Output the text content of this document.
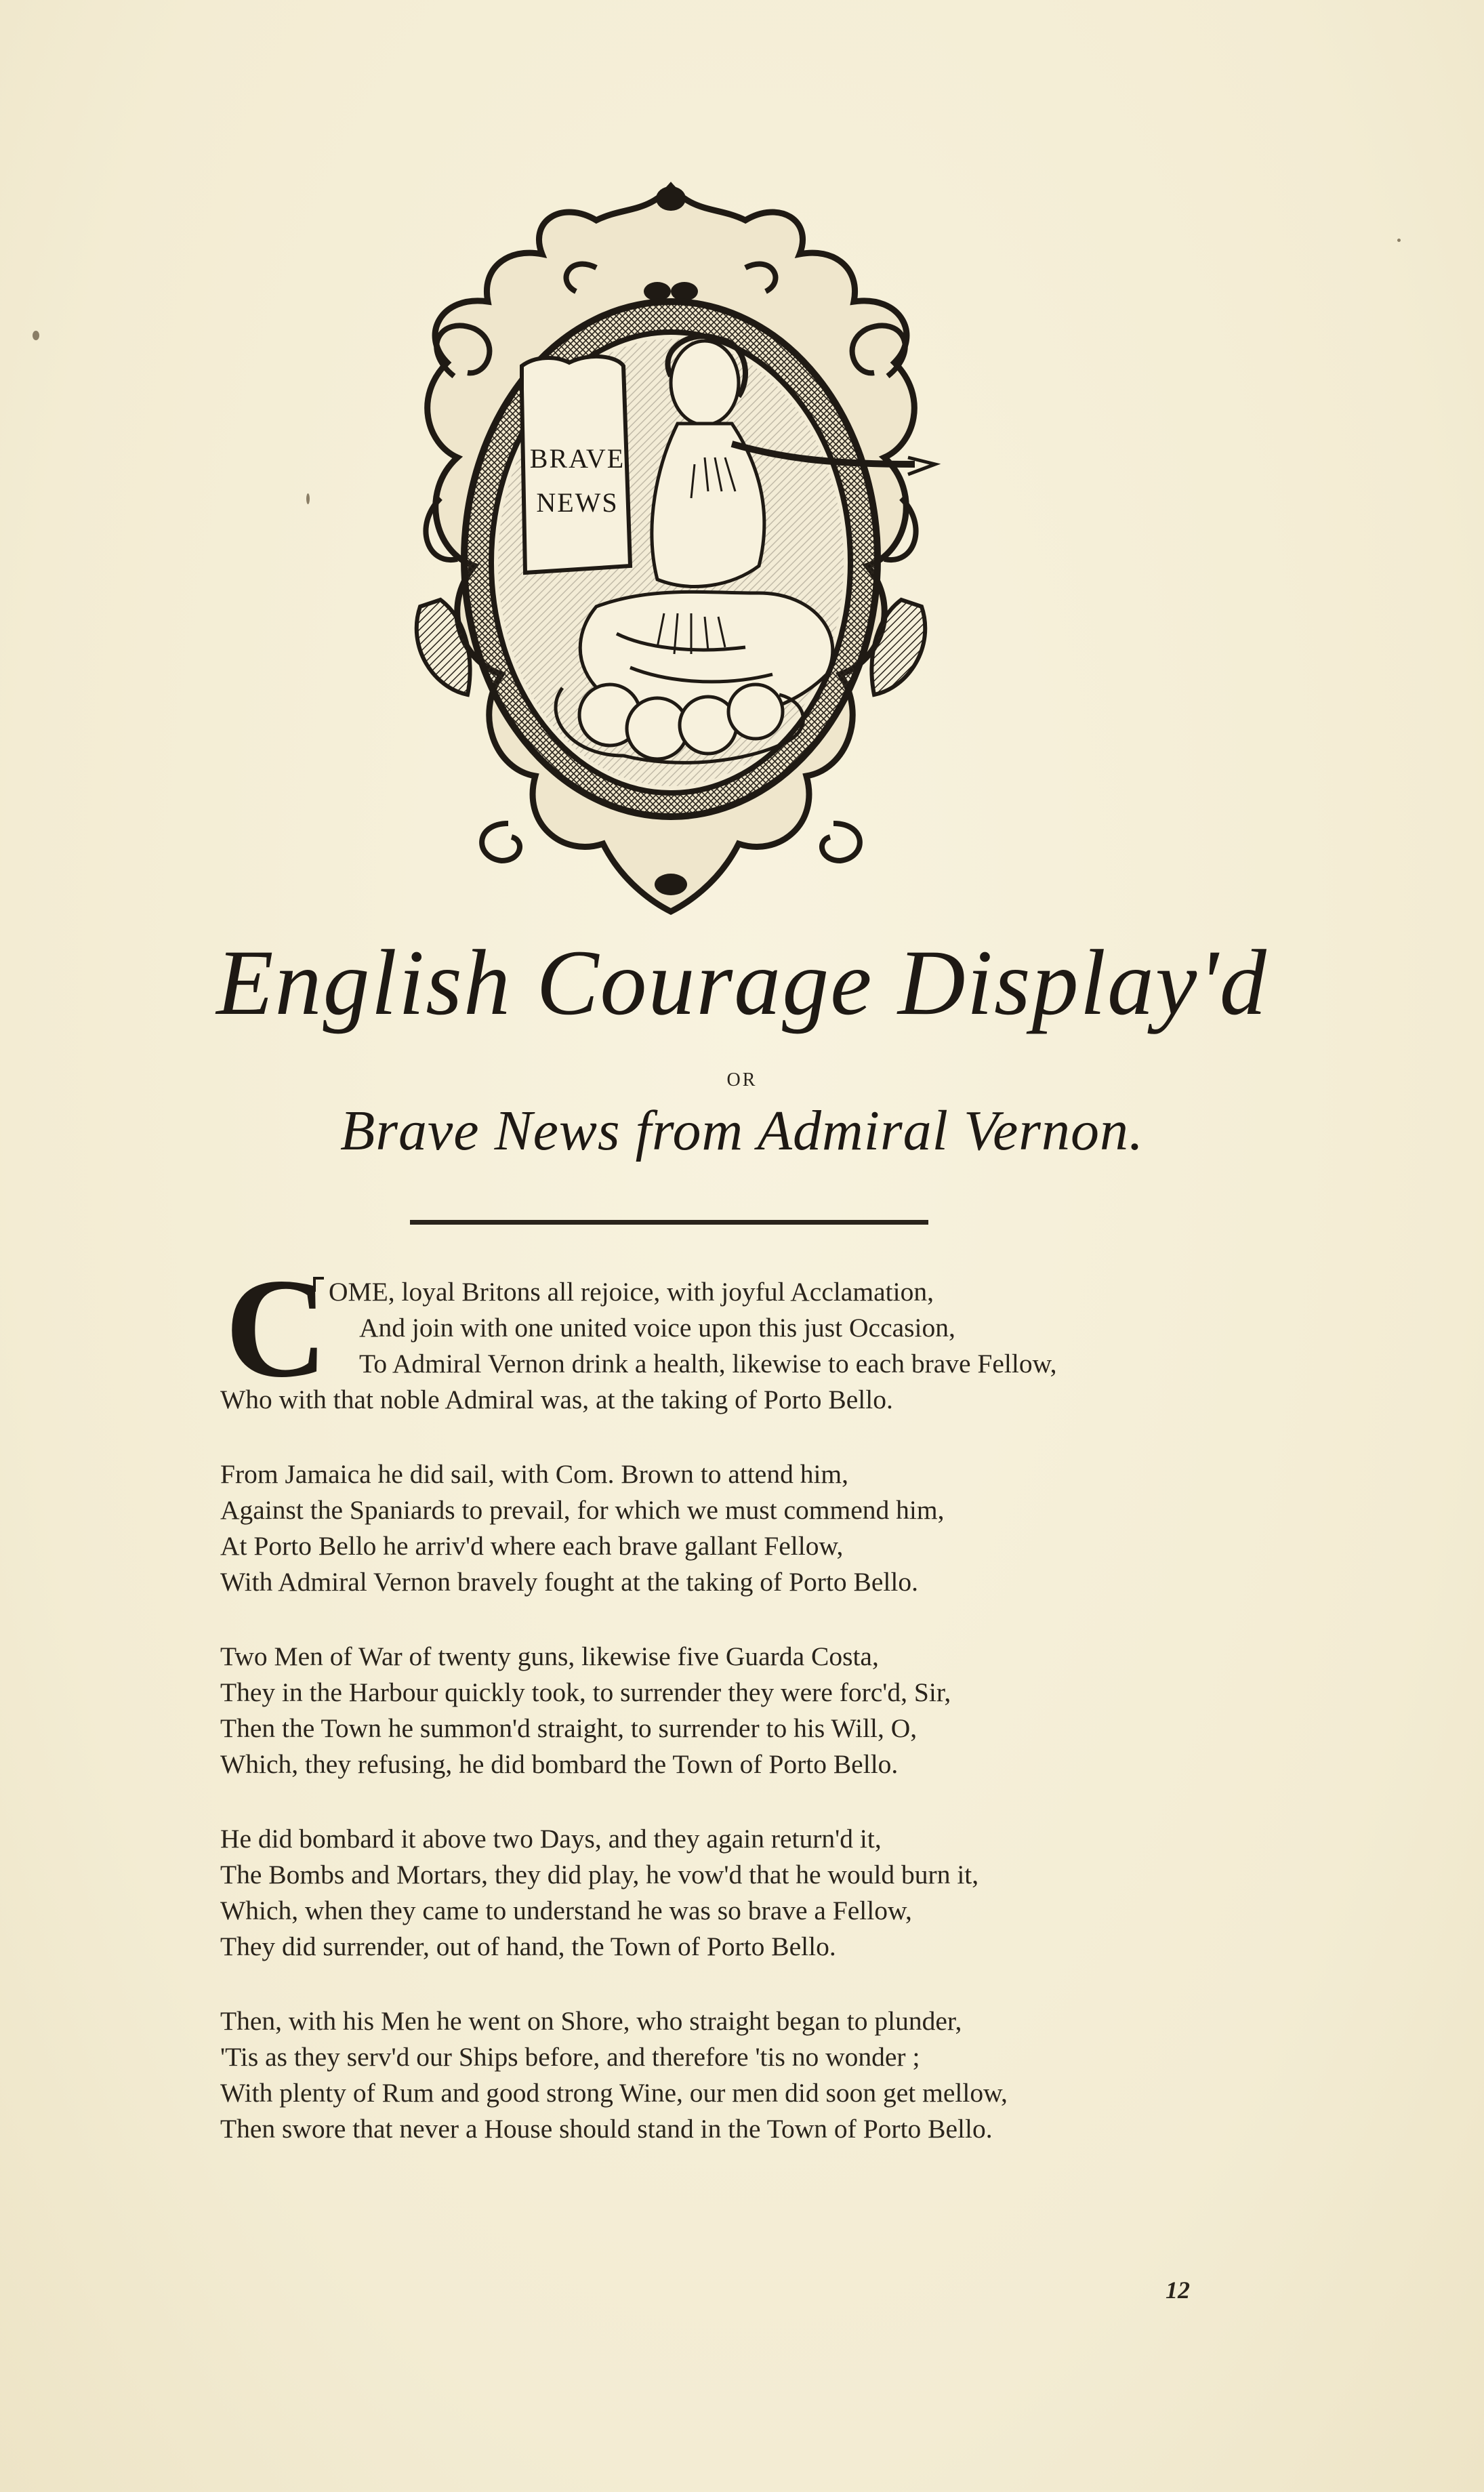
BRAVE
NEWS
English Courage Display'd
OR
Brave News from Admiral Vernon.
C OME, loyal Britons all rejoice, with joyful Acclamation,
And join with one united voice upon this just Occasion,
To Admiral Vernon drink a health, likewise to each brave Fellow,
Who with that noble Admiral was, at the taking of Porto Bello.
From Jamaica he did sail, with Com. Brown to attend him,
Against the Spaniards to prevail, for which we must commend him,
At Porto Bello he arriv'd where each brave gallant Fellow,
With Admiral Vernon bravely fought at the taking of Porto Bello.
Two Men of War of twenty guns, likewise five Guarda Costa,
They in the Harbour quickly took, to surrender they were forc'd, Sir,
Then the Town he summon'd straight, to surrender to his Will, O,
Which, they refusing, he did bombard the Town of Porto Bello.
He did bombard it above two Days, and they again return'd it,
The Bombs and Mortars, they did play, he vow'd that he would burn it,
Which, when they came to understand he was so brave a Fellow,
They did surrender, out of hand, the Town of Porto Bello.
Then, with his Men he went on Shore, who straight began to plunder,
'Tis as they serv'd our Ships before, and therefore 'tis no wonder ;
With plenty of Rum and good strong Wine, our men did soon get mellow,
Then swore that never a House should stand in the Town of Porto Bello.
12
